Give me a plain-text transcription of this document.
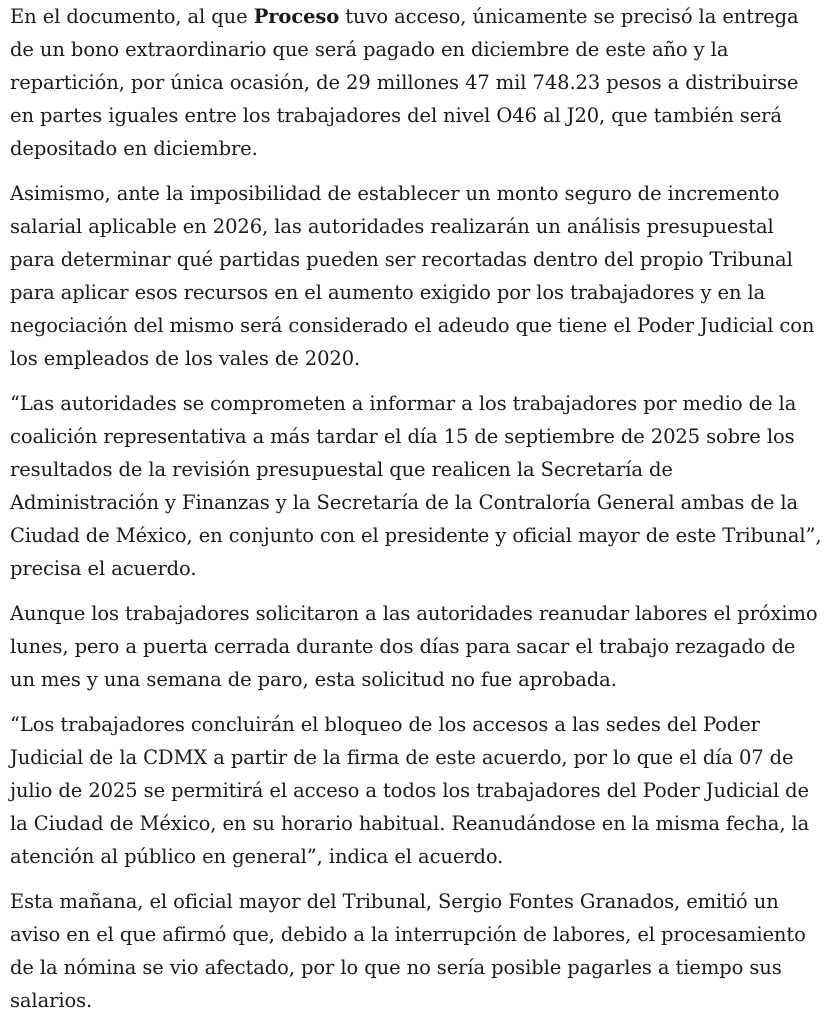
En el documento, al que Proceso tuvo acceso, únicamente se precisó la entrega de un bono extraordinario que será pagado en diciembre de este año y la repartición, por única ocasión, de 29 millones 47 mil 748.23 pesos a distribuirse en partes iguales entre los trabajadores del nivel O46 al J20, que también será depositado en diciembre.

Asimismo, ante la imposibilidad de establecer un monto seguro de incremento salarial aplicable en 2026, las autoridades realizarán un análisis presupuestal para determinar qué partidas pueden ser recortadas dentro del propio Tribunal para aplicar esos recursos en el aumento exigido por los trabajadores y en la negociación del mismo será considerado el adeudo que tiene el Poder Judicial con los empleados de los vales de 2020.

“Las autoridades se comprometen a informar a los trabajadores por medio de la coalición representativa a más tardar el día 15 de septiembre de 2025 sobre los resultados de la revisión presupuestal que realicen la Secretaría de Administración y Finanzas y la Secretaría de la Contraloría General ambas de la Ciudad de México, en conjunto con el presidente y oficial mayor de este Tribunal”, precisa el acuerdo.

Aunque los trabajadores solicitaron a las autoridades reanudar labores el próximo lunes, pero a puerta cerrada durante dos días para sacar el trabajo rezagado de un mes y una semana de paro, esta solicitud no fue aprobada.

“Los trabajadores concluirán el bloqueo de los accesos a las sedes del Poder Judicial de la CDMX a partir de la firma de este acuerdo, por lo que el día 07 de julio de 2025 se permitirá el acceso a todos los trabajadores del Poder Judicial de la Ciudad de México, en su horario habitual. Reanudándose en la misma fecha, la atención al público en general”, indica el acuerdo.

Esta mañana, el oficial mayor del Tribunal, Sergio Fontes Granados, emitió un aviso en el que afirmó que, debido a la interrupción de labores, el procesamiento de la nómina se vio afectado, por lo que no sería posible pagarles a tiempo sus salarios.
